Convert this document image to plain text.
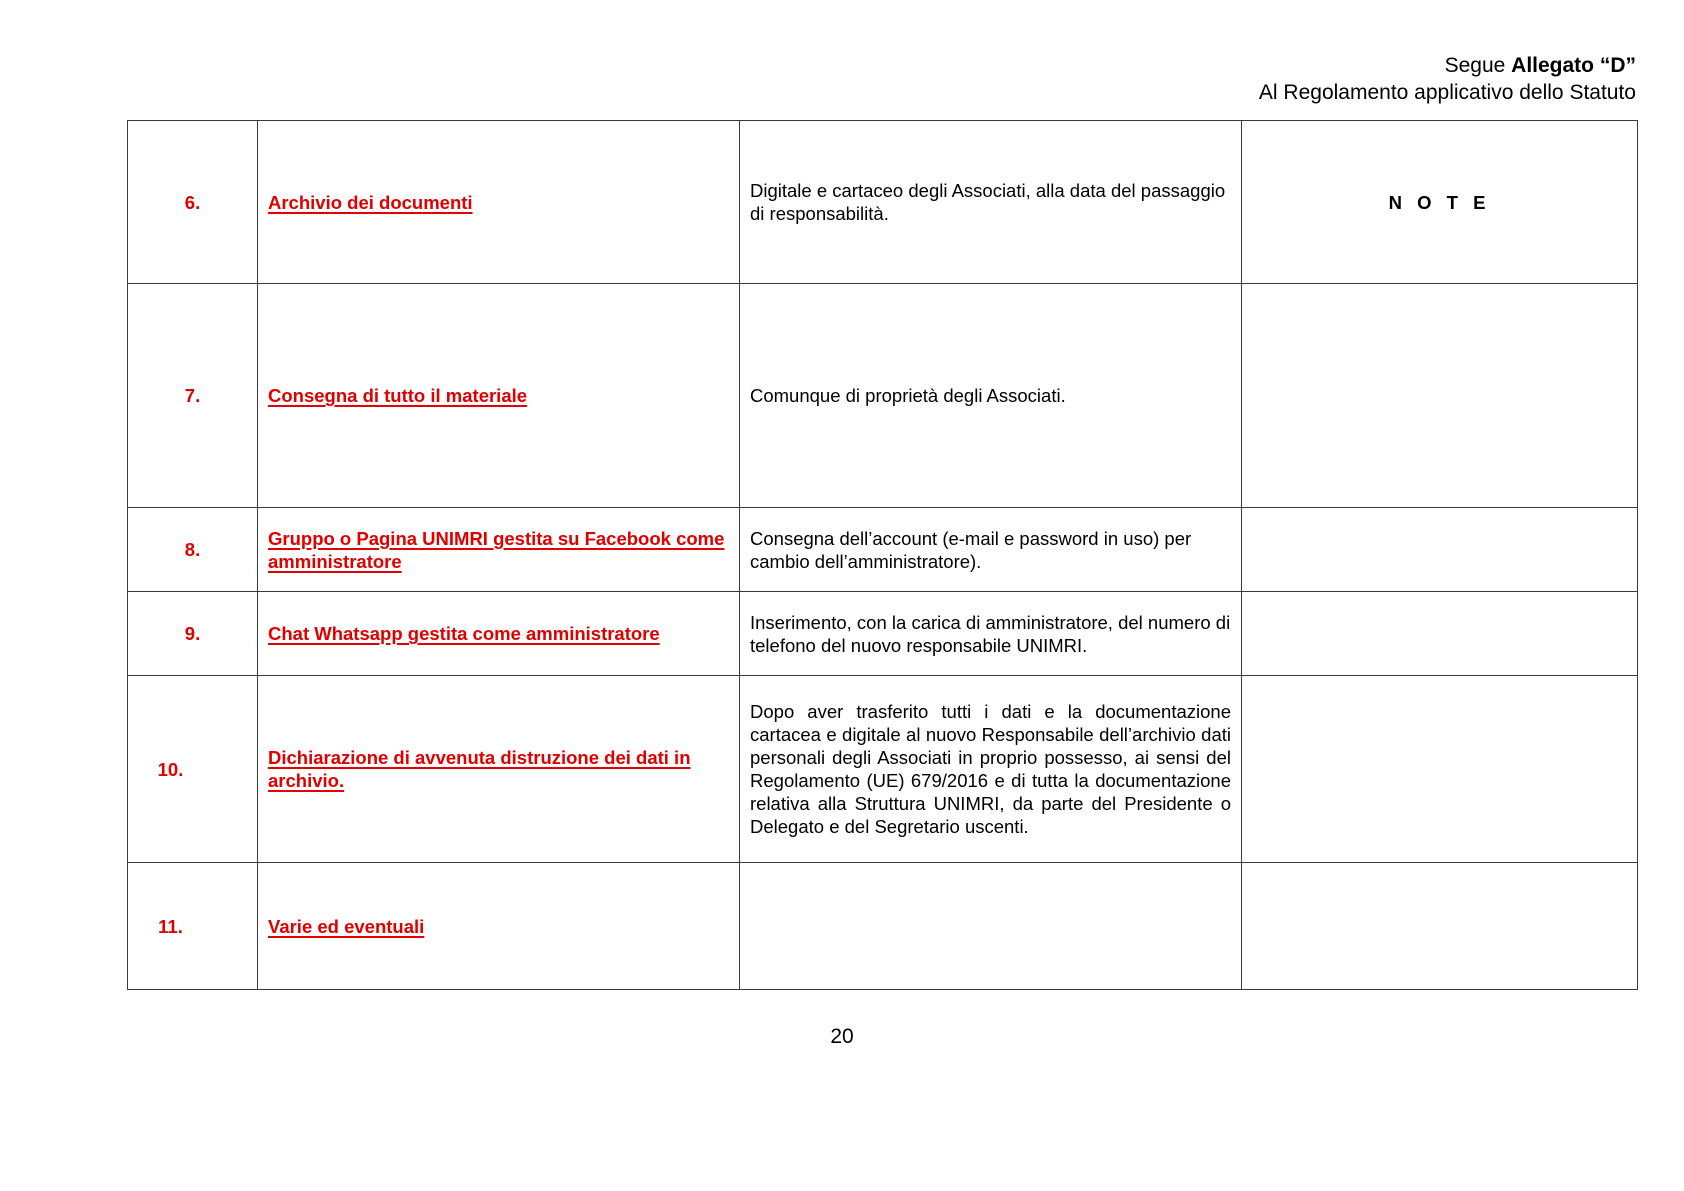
Segue Allegato “D”
Al Regolamento applicativo dello Statuto
6.	Archivio dei documenti	Digitale e cartaceo degli Associati, alla data del passaggio di responsabilità.	N O T E
7.	Consegna di tutto il materiale	Comunque di proprietà degli Associati.	
8.	Gruppo o Pagina UNIMRI gestita su Facebook come amministratore	Consegna dell’account (e-mail e password in uso) per cambio dell’amministratore).	
9.	Chat Whatsapp gestita come amministratore	Inserimento, con la carica di amministratore, del numero di telefono del nuovo responsabile UNIMRI.	
10.	Dichiarazione di avvenuta distruzione dei dati in archivio.	Dopo aver trasferito tutti i dati e la documentazione cartacea e digitale al nuovo Responsabile dell’archivio dati personali degli Associati in proprio possesso, ai sensi del Regolamento (UE) 679/2016 e di tutta la documentazione relativa alla Struttura UNIMRI, da parte del Presidente o Delegato e del Segretario uscenti.	
11.	Varie ed eventuali		
20
